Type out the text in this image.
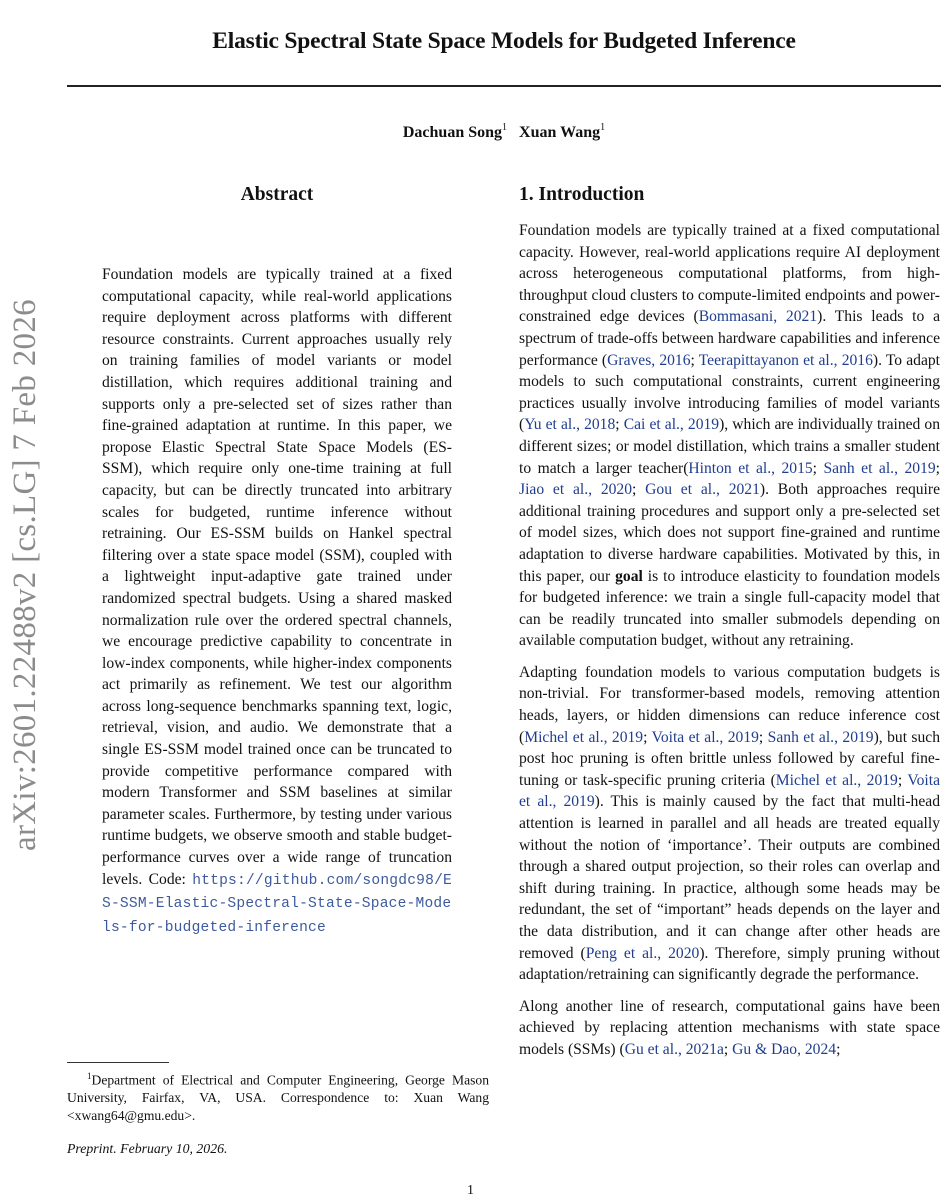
arXiv:2601.22488v2 [cs.LG] 7 Feb 2026
Elastic Spectral State Space Models for Budgeted Inference
Dachuan Song$^1$ Xuan Wang$^1$
Abstract
Foundation models are typically trained at a fixed computational capacity, while real-world applications require deployment across platforms with different resource constraints. Current approaches usually rely on training families of model variants or model distillation, which requires additional training and supports only a pre-selected set of sizes rather than fine-grained adaptation at runtime. In this paper, we propose Elastic Spectral State Space Models (ES-SSM), which require only one-time training at full capacity, but can be directly truncated into arbitrary scales for budgeted, runtime inference without retraining. Our ES-SSM builds on Hankel spectral filtering over a state space model (SSM), coupled with a lightweight input-adaptive gate trained under randomized spectral budgets. Using a shared masked normalization rule over the ordered spectral channels, we encourage predictive capability to concentrate in low-index components, while higher-index components act primarily as refinement. We test our algorithm across long-sequence benchmarks spanning text, logic, retrieval, vision, and audio. We demonstrate that a single ES-SSM model trained once can be truncated to provide competitive performance compared with modern Transformer and SSM baselines at similar parameter scales. Furthermore, by testing under various runtime budgets, we observe smooth and stable budget-performance curves over a wide range of truncation levels. Code: https://github.com/songdc98/ES-SSM-Elastic-Spectral-State-Space-Models-for-budgeted-inference
$^1$Department of Electrical and Computer Engineering, George Mason University, Fairfax, VA, USA. Correspondence to: Xuan Wang <xwang64@gmu.edu>.
Preprint. February 10, 2026.
1. Introduction

Foundation models are typically trained at a fixed computational capacity. However, real-world applications require AI deployment across heterogeneous computational platforms, from high-throughput cloud clusters to compute-limited endpoints and power-constrained edge devices (Bommasani, 2021). This leads to a spectrum of trade-offs between hardware capabilities and inference performance (Graves, 2016; Teerapittayanon et al., 2016). To adapt models to such computational constraints, current engineering practices usually involve introducing families of model variants (Yu et al., 2018; Cai et al., 2019), which are individually trained on different sizes; or model distillation, which trains a smaller student to match a larger teacher(Hinton et al., 2015; Sanh et al., 2019; Jiao et al., 2020; Gou et al., 2021). Both approaches require additional training procedures and support only a pre-selected set of model sizes, which does not support fine-grained and runtime adaptation to diverse hardware capabilities. Motivated by this, in this paper, our goal is to introduce elasticity to foundation models for budgeted inference: we train a single full-capacity model that can be readily truncated into smaller submodels depending on available computation budget, without any retraining.

Adapting foundation models to various computation budgets is non-trivial. For transformer-based models, removing attention heads, layers, or hidden dimensions can reduce inference cost (Michel et al., 2019; Voita et al., 2019; Sanh et al., 2019), but such post hoc pruning is often brittle unless followed by careful fine-tuning or task-specific pruning criteria (Michel et al., 2019; Voita et al., 2019). This is mainly caused by the fact that multi-head attention is learned in parallel and all heads are treated equally without the notion of ‘importance’. Their outputs are combined through a shared output projection, so their roles can overlap and shift during training. In practice, although some heads may be redundant, the set of “important” heads depends on the layer and the data distribution, and it can change after other heads are removed (Peng et al., 2020). Therefore, simply pruning without adaptation/retraining can significantly degrade the performance.

Along another line of research, computational gains have been achieved by replacing attention mechanisms with state space models (SSMs) (Gu et al., 2021a; Gu & Dao, 2024;

1
